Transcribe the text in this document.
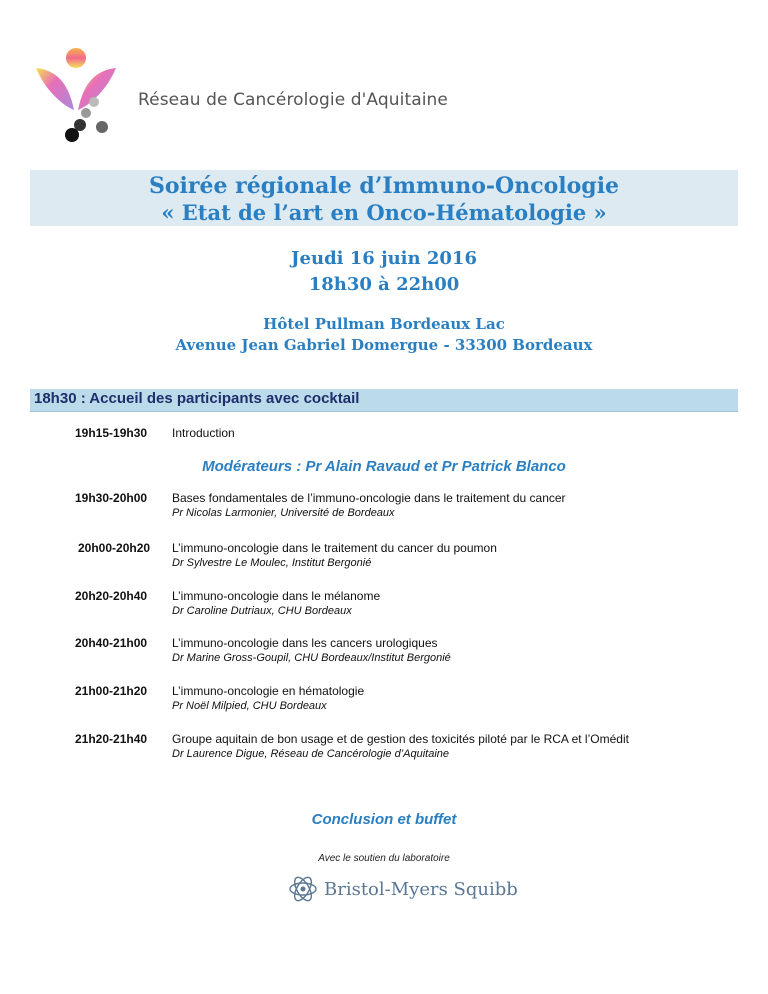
Réseau de Cancérologie d'Aquitaine
Soirée régionale d’Immuno-Oncologie
« Etat de l’art en Onco-Hématologie »
Jeudi 16 juin 2016
18h30 à 22h00
Hôtel Pullman Bordeaux Lac
Avenue Jean Gabriel Domergue - 33300 Bordeaux
18h30 : Accueil des participants avec cocktail
19h15-19h30 Introduction
Modérateurs : Pr Alain Ravaud et Pr Patrick Blanco
19h30-20h00 Bases fondamentales de l’immuno-oncologie dans le traitement du cancer
Pr Nicolas Larmonier, Université de Bordeaux
20h00-20h20 L’immuno-oncologie dans le traitement du cancer du poumon
Dr Sylvestre Le Moulec, Institut Bergonié
20h20-20h40 L’immuno-oncologie dans le mélanome
Dr Caroline Dutriaux, CHU Bordeaux
20h40-21h00 L’immuno-oncologie dans les cancers urologiques
Dr Marine Gross-Goupil, CHU Bordeaux/Institut Bergonié
21h00-21h20 L’immuno-oncologie en hématologie
Pr Noël Milpied, CHU Bordeaux
21h20-21h40 Groupe aquitain de bon usage et de gestion des toxicités piloté par le RCA et l’Omédit
Dr Laurence Digue, Réseau de Cancérologie d’Aquitaine
Conclusion et buffet
Avec le soutien du laboratoire
Bristol-Myers Squibb
